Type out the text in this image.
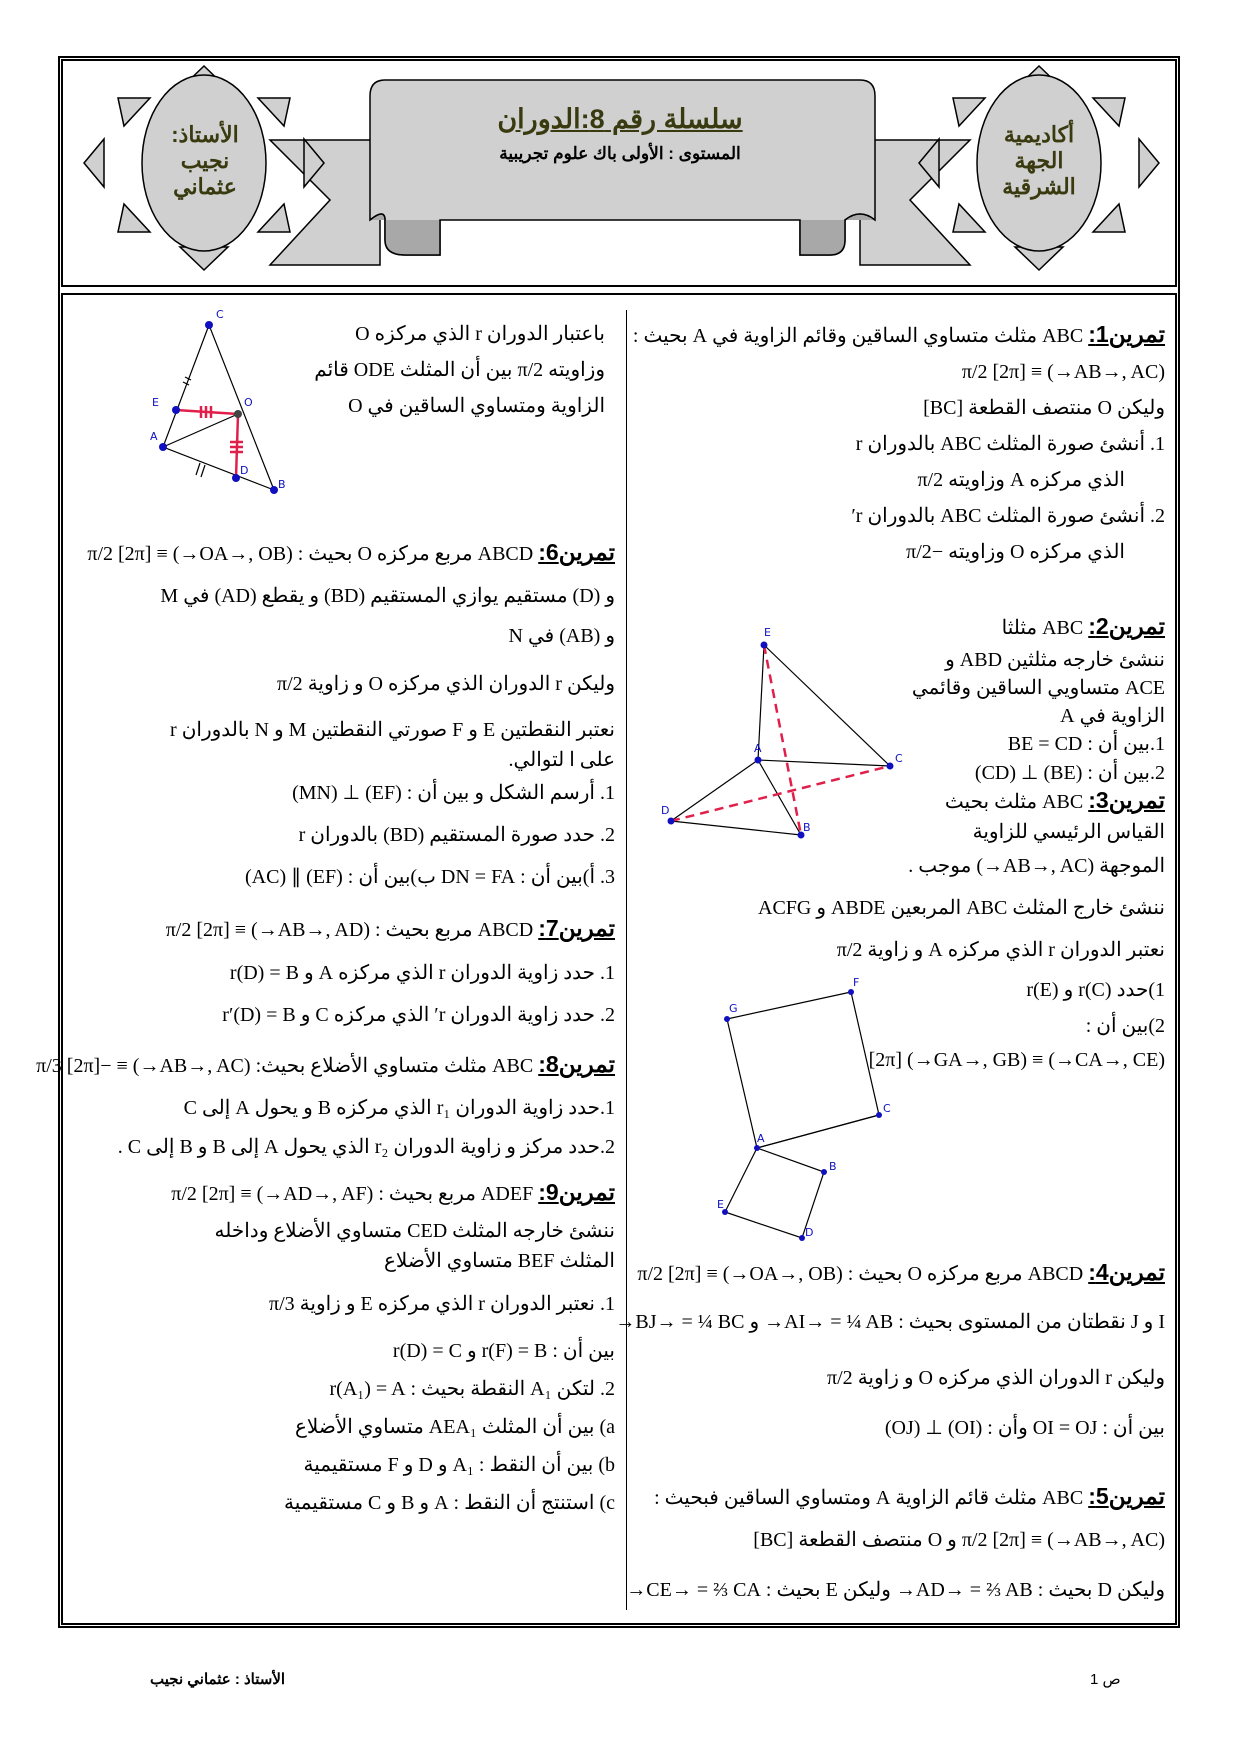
سلسلة رقم 8:الدوران
المستوى : الأولى باك علوم تجريبية
الأستاذ:
نجيب
عثماني
أكاديمية
الجهة
الشرقية
تمرين1: ABC مثلث متساوي الساقين وقائم الزاوية في A بحيث :
(AB→, AC→) ≡ π/2 [2π]
وليكن O منتصف القطعة [BC]
1. أنشئ صورة المثلث ABC بالدوران r
الذي مركزه A وزاويته π/2
2. أنشئ صورة المثلث ABC بالدوران r′
الذي مركزه O وزاويته −π/2
تمرين2: ABC مثلثا
ننشئ خارجه مثلثين ABD و
ACE متساويي الساقين وقائمي
الزاوية في A
1.بين أن : BE = CD
2.بين أن : (BE) ⊥ (CD)
تمرين3: ABC مثلث بحيث
القياس الرئيسي للزاوية
الموجهة (AB→, AC→) موجب .
ننشئ خارج المثلث ABC المربعين ABDE و ACFG
نعتبر الدوران r الذي مركزه A و زاوية π/2
1)حدد r(C) و r(E)
2)بين أن :
(CA→, CE→) ≡ (GA→, GB→) [2π]
تمرين4: ABCD مربع مركزه O بحيث : (OA→, OB→) ≡ π/2 [2π]
I و J نقطتان من المستوى بحيث : AI→ = ¼ AB→ و BJ→ = ¼ BC→
وليكن r الدوران الذي مركزه O و زاوية π/2
بين أن : OI = OJ وأن : (OI) ⊥ (OJ)
تمرين5: ABC مثلث قائم الزاوية A ومتساوي الساقين فبحيث :
(AB→, AC→) ≡ π/2 [2π] و O منتصف القطعة [BC]
وليكن D بحيث : AD→ = ⅔ AB→ وليكن E بحيث : CE→ = ⅔ CA→
باعتبار الدوران r الذي مركزه O
وزاويته π/2 بين أن المثلث ODE قائم
الزاوية ومتساوي الساقين في O
تمرين6: ABCD مربع مركزه O بحيث : (OA→, OB→) ≡ π/2 [2π]
و (D) مستقيم يوازي المستقيم (BD) و يقطع (AD) في M
و (AB) في N
وليكن r الدوران الذي مركزه O و زاوية π/2
نعتبر النقطتين E و F صورتي النقطتين M و N بالدوران r
على ا لتوالي.
1. أرسم الشكل و بين أن : (EF) ⊥ (MN)
2. حدد صورة المستقيم (BD) بالدوران r
3. أ)بين أن : DN = FA ب)بين أن : (EF) ∥ (AC)
تمرين7: ABCD مربع بحيث : (AB→, AD→) ≡ π/2 [2π]
1. حدد زاوية الدوران r الذي مركزه A و r(D) = B
2. حدد زاوية الدوران r′ الذي مركزه C و r′(D) = B
تمرين8: ABC مثلث متساوي الأضلاع بحيث: (AB→, AC→) ≡ −π/3 [2π]
1.حدد زاوية الدوران r₁ الذي مركزه B و يحول A إلى C
2.حدد مركز و زاوية الدوران r₂ الذي يحول A إلى B و B إلى C .
تمرين9: ADEF مربع بحيث : (AD→, AF→) ≡ π/2 [2π]
ننشئ خارجه المثلث CED متساوي الأضلاع وداخله
المثلث BEF متساوي الأضلاع
1. نعتبر الدوران r الذي مركزه E و زاوية π/3
بين أن : r(F) = B و r(D) = C
2. لتكن A₁ النقطة بحيث : r(A₁) = A
a) بين أن المثلث AEA₁ متساوي الأضلاع
b) بين أن النقط : A₁ و D و F مستقيمية
c) استنتج أن النقط : A و B و C مستقيمية
C
E	O
A
D
B
E
A
C
D
B
G
F
C
A
B
D
E
ص 1
الأستاذ : عثماني نجيب
